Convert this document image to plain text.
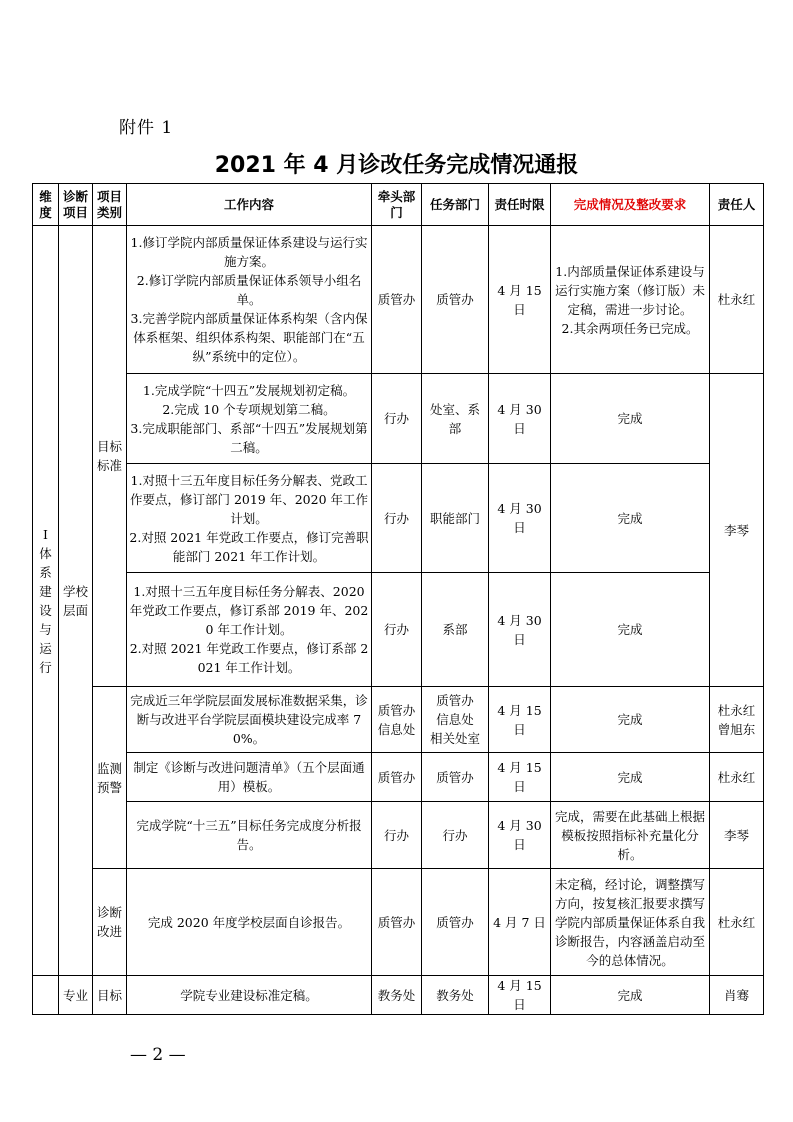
附件 1
2021 年 4 月诊改任务完成情况通报
维度	诊断项目	项目类别	工作内容	牵头部门	任务部门	责任时限	完成情况及整改要求	责任人

Ⅰ体系建设与运行	学校层面	目标标准	1.修订学院内部质量保证体系建设与运行实施方案。
2.修订学院内部质量保证体系领导小组名单。
3.完善学院内部质量保证体系构架（含内保体系框架、组织体系构架、职能部门在“五纵”系统中的定位）。	质管办	质管办	4 月 15 日	1.内部质量保证体系建设与运行实施方案（修订版）未定稿，需进一步讨论。
2.其余两项任务已完成。	杜永红
			1.完成学院“十四五”发展规划初定稿。
2.完成 10 个专项规划第二稿。
3.完成职能部门、系部“十四五”发展规划第二稿。	行办	处室、系部	4 月 30 日	完成	李琴
			1.对照十三五年度目标任务分解表、党政工作要点，修订部门 2019 年、2020 年工作计划。
2.对照 2021 年党政工作要点，修订完善职能部门 2021 年工作计划。	行办	职能部门	4 月 30 日	完成	
			1.对照十三五年度目标任务分解表、2020 年党政工作要点，修订系部 2019 年、2020 年工作计划。
2.对照 2021 年党政工作要点，修订系部 2021 年工作计划。	行办	系部	4 月 30 日	完成	

		监测预警	完成近三年学院层面发展标准数据采集，诊断与改进平台学院层面模块建设完成率 70%。	质管办
信息处	质管办
信息处
相关处室	4 月 15 日	完成	杜永红
曾旭东
			制定《诊断与改进问题清单》（五个层面通用）模板。	质管办	质管办	4 月 15 日	完成	杜永红
			完成学院“十三五”目标任务完成度分析报告。	行办	行办	4 月 30 日	完成，需要在此基础上根据模板按照指标补充量化分析。	李琴

		诊断改进	完成 2020 年度学校层面自诊报告。	质管办	质管办	4 月 7 日	未定稿，经讨论，调整撰写方向，按复核汇报要求撰写学院内部质量保证体系自我诊断报告，内容涵盖启动至今的总体情况。	杜永红
	专业	目标	学院专业建设标准定稿。	教务处	教务处	4 月 15 日	完成	肖骞
— 2 —
